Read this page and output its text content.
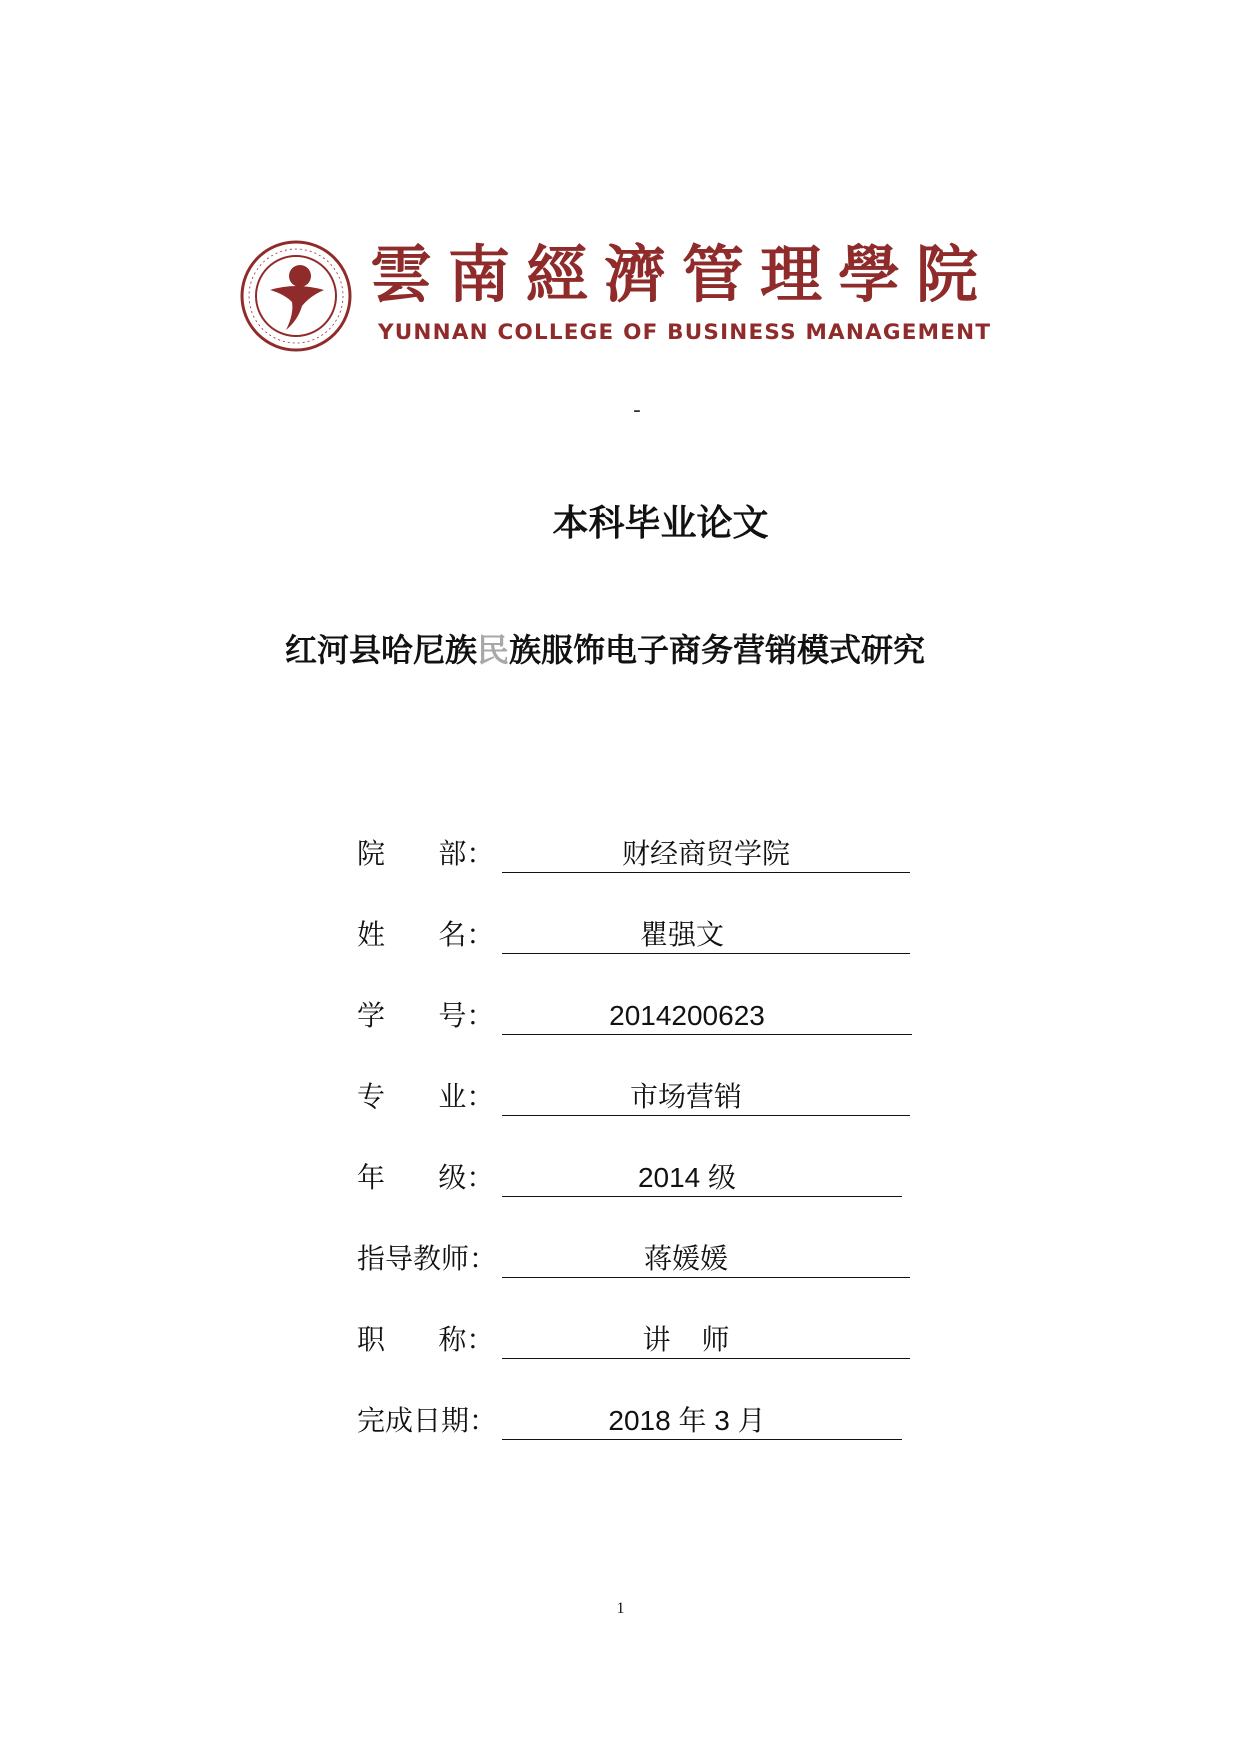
雲南經濟管理學院
YUNNAN COLLEGE OF BUSINESS MANAGEMENT
-
本科毕业论文
红河县哈尼族民族服饰电子商务营销模式研究
院      部：	财经商贸学院
姓      名：	瞿强文
学      号：	2014200623
专      业：	市场营销
年      级：	2014 级
指导教师：	蒋媛媛
职      称：	讲    师
完成日期：	2018 年 3 月
1
